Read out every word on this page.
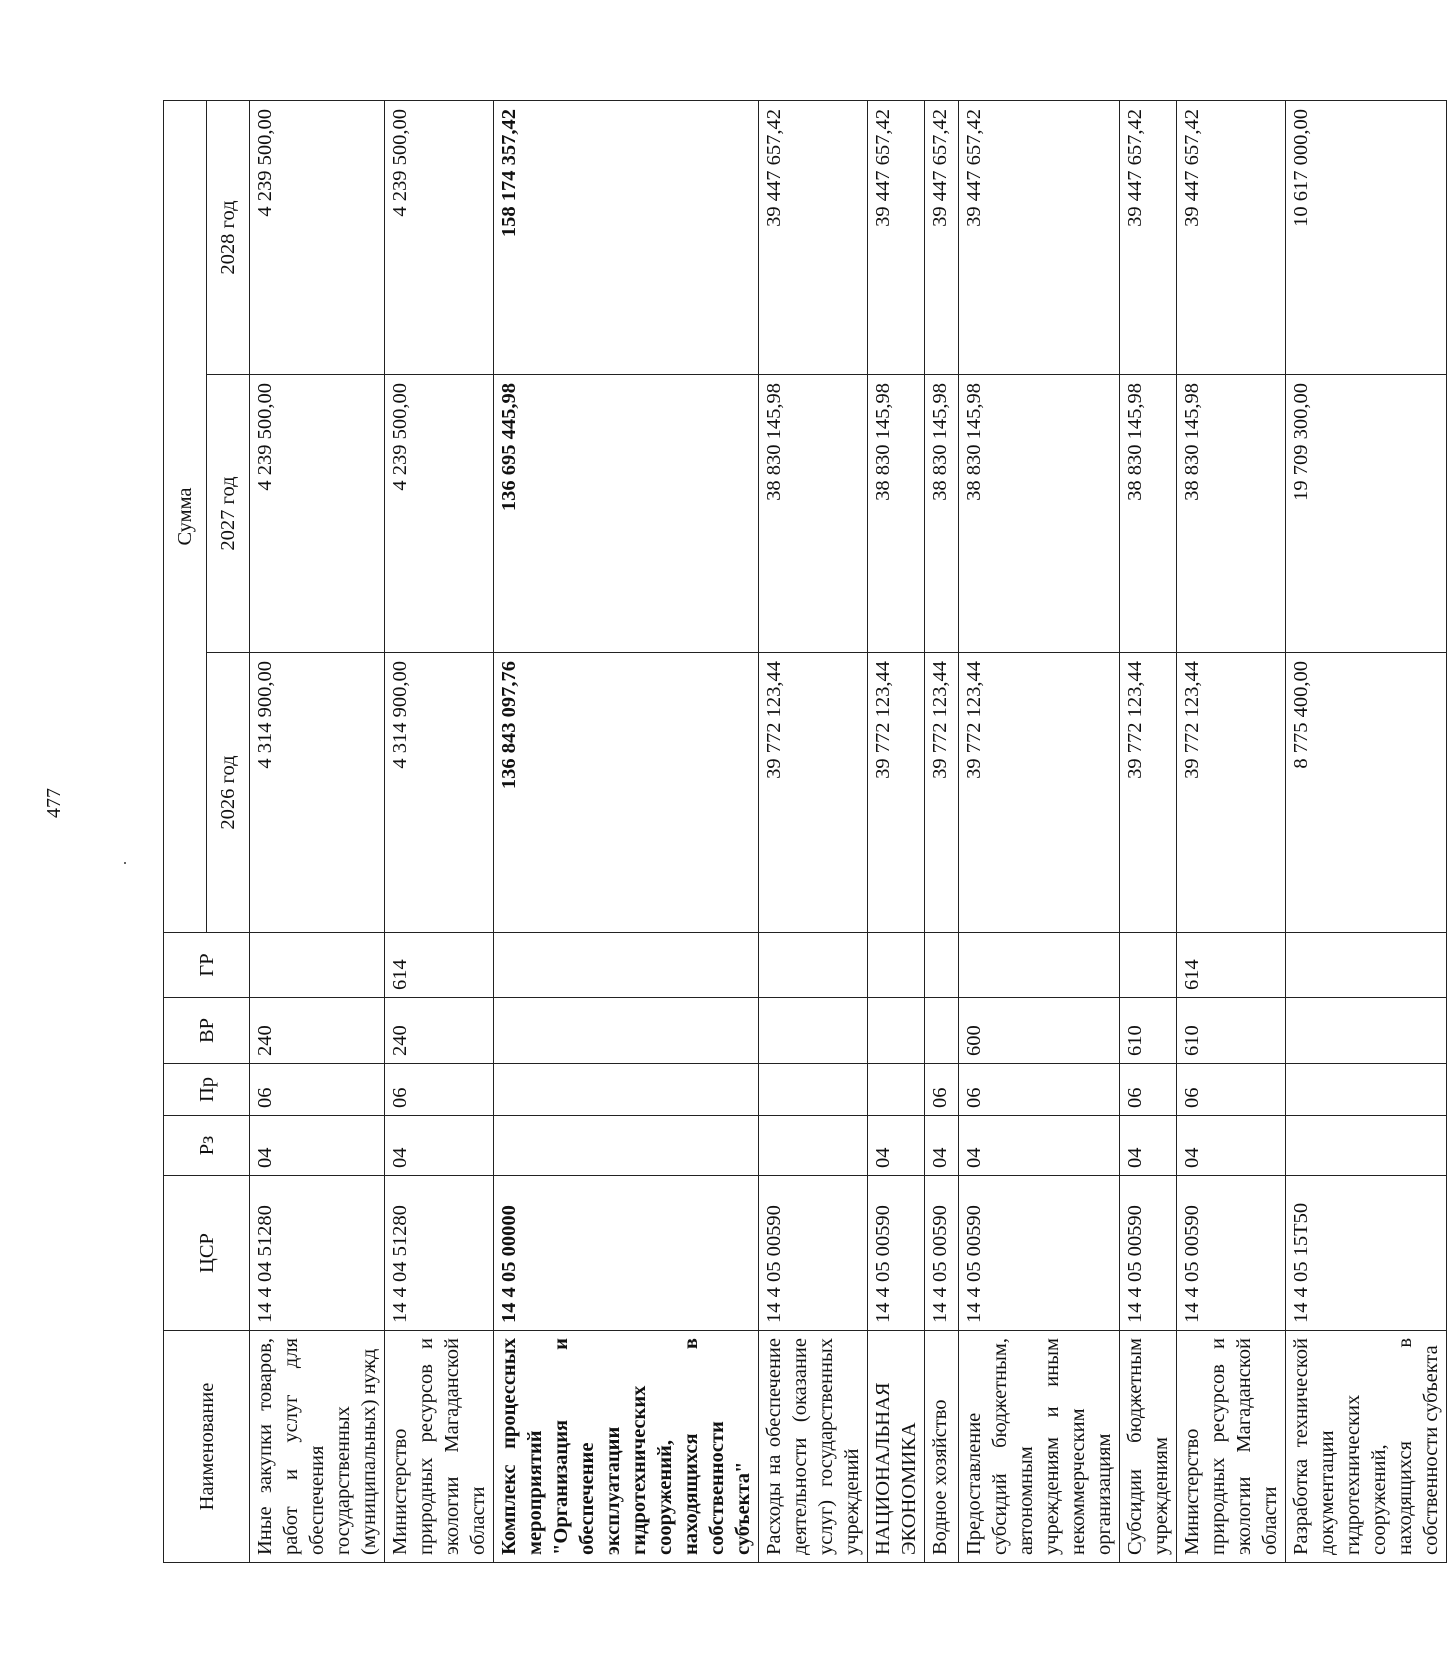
477
Наименование	ЦСР	Рз	Пр	ВР	ГР	Сумма		
						2026 год	2027 год	2028 год
Иные закупки товаров, работ и услуг для обеспечения государственных (муниципальных) нужд	14 4 04 51280	04	06	240		4 314 900,00	4 239 500,00	4 239 500,00
Министерство природных ресурсов и экологии Магаданской области	14 4 04 51280	04	06	240	614	4 314 900,00	4 239 500,00	4 239 500,00
Комплекс процессных мероприятий "Организация и обеспечение эксплуатации гидротехнических сооружений, находящихся в собственности субъекта"	14 4 05 00000					136 843 097,76	136 695 445,98	158 174 357,42
Расходы на обеспечение деятельности (оказание услуг) государственных учреждений	14 4 05 00590					39 772 123,44	38 830 145,98	39 447 657,42
НАЦИОНАЛЬНАЯ ЭКОНОМИКА	14 4 05 00590	04				39 772 123,44	38 830 145,98	39 447 657,42
Водное хозяйство	14 4 05 00590	04	06			39 772 123,44	38 830 145,98	39 447 657,42
Предоставление субсидий бюджетным, автономным учреждениям и иным некоммерческим организациям	14 4 05 00590	04	06	600		39 772 123,44	38 830 145,98	39 447 657,42
Субсидии бюджетным учреждениям	14 4 05 00590	04	06	610		39 772 123,44	38 830 145,98	39 447 657,42
Министерство природных ресурсов и экологии Магаданской области	14 4 05 00590	04	06	610	614	39 772 123,44	38 830 145,98	39 447 657,42
Разработка технической документации гидротехнических сооружений, находящихся в собственности субъекта	14 4 05 15Т50					8 775 400,00	19 709 300,00	10 617 000,00
